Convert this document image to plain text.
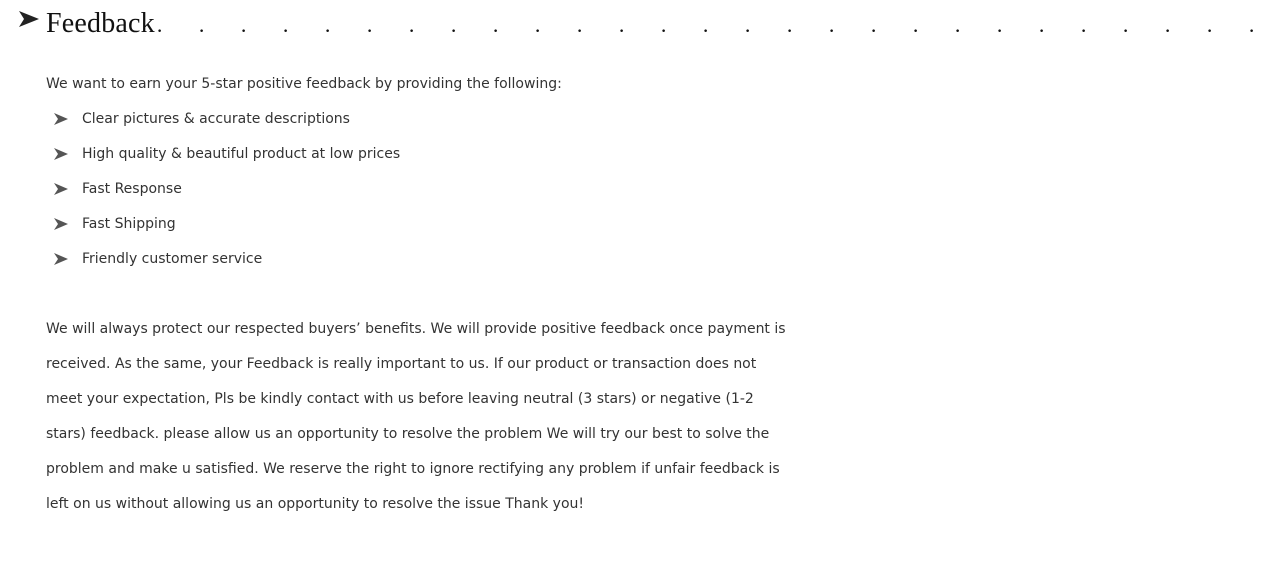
Feedback. . . . . . . . . . . . . . . . . . . . . . . . . . .
We want to earn your 5-star positive feedback by providing the following:
Clear pictures & accurate descriptions
High quality & beautiful product at low prices
Fast Response
Fast Shipping
Friendly customer service

We will always protect our respected buyers’ benefits. We will provide positive feedback once payment is
received. As the same, your Feedback is really important to us. If our product or transaction does not
meet your expectation, Pls be kindly contact with us before leaving neutral (3 stars) or negative (1-2
stars) feedback. please allow us an opportunity to resolve the problem We will try our best to solve the
problem and make u satisfied. We reserve the right to ignore rectifying any problem if unfair feedback is
left on us without allowing us an opportunity to resolve the issue Thank you!
